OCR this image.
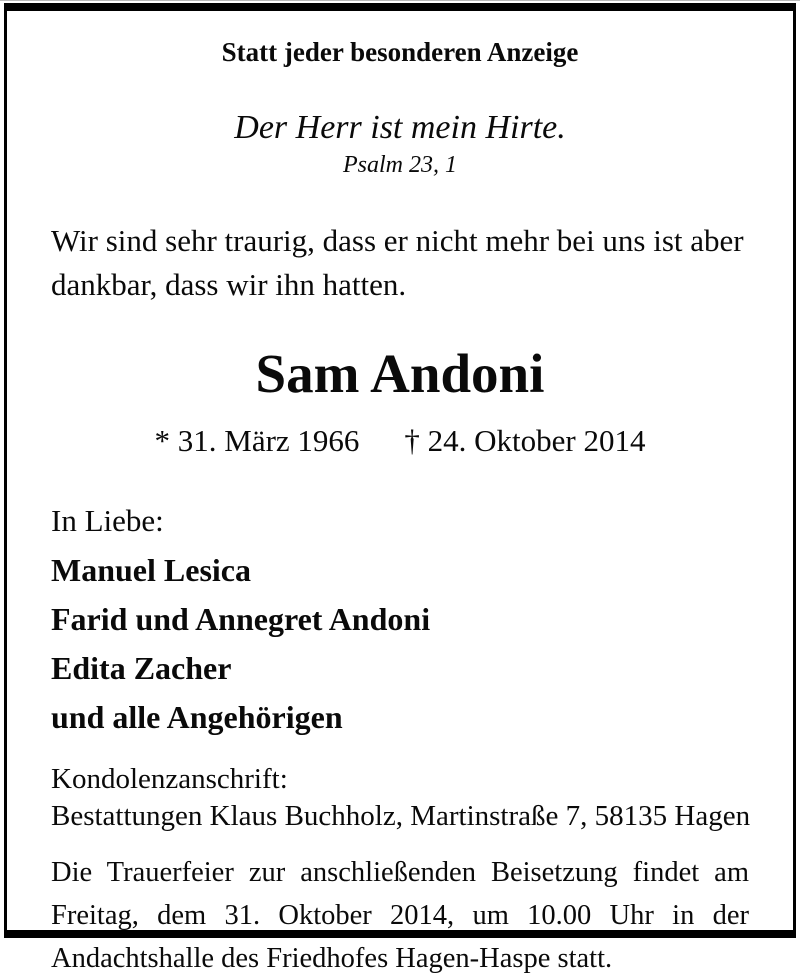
Statt jeder besonderen Anzeige
Der Herr ist mein Hirte.
Psalm 23, 1
Wir sind sehr traurig, dass er nicht mehr bei uns ist aber
dankbar, dass wir ihn hatten.
Sam Andoni
* 31. März 1966 † 24. Oktober 2014
In Liebe:
Manuel Lesica
Farid und Annegret Andoni
Edita Zacher
und alle Angehörigen
Kondolenzanschrift:
Bestattungen Klaus Buchholz, Martinstraße 7, 58135 Hagen
Die Trauerfeier zur anschließenden Beisetzung findet am
Freitag, dem 31. Oktober 2014, um 10.00 Uhr in der
Andachtshalle des Friedhofes Hagen-Haspe statt.
